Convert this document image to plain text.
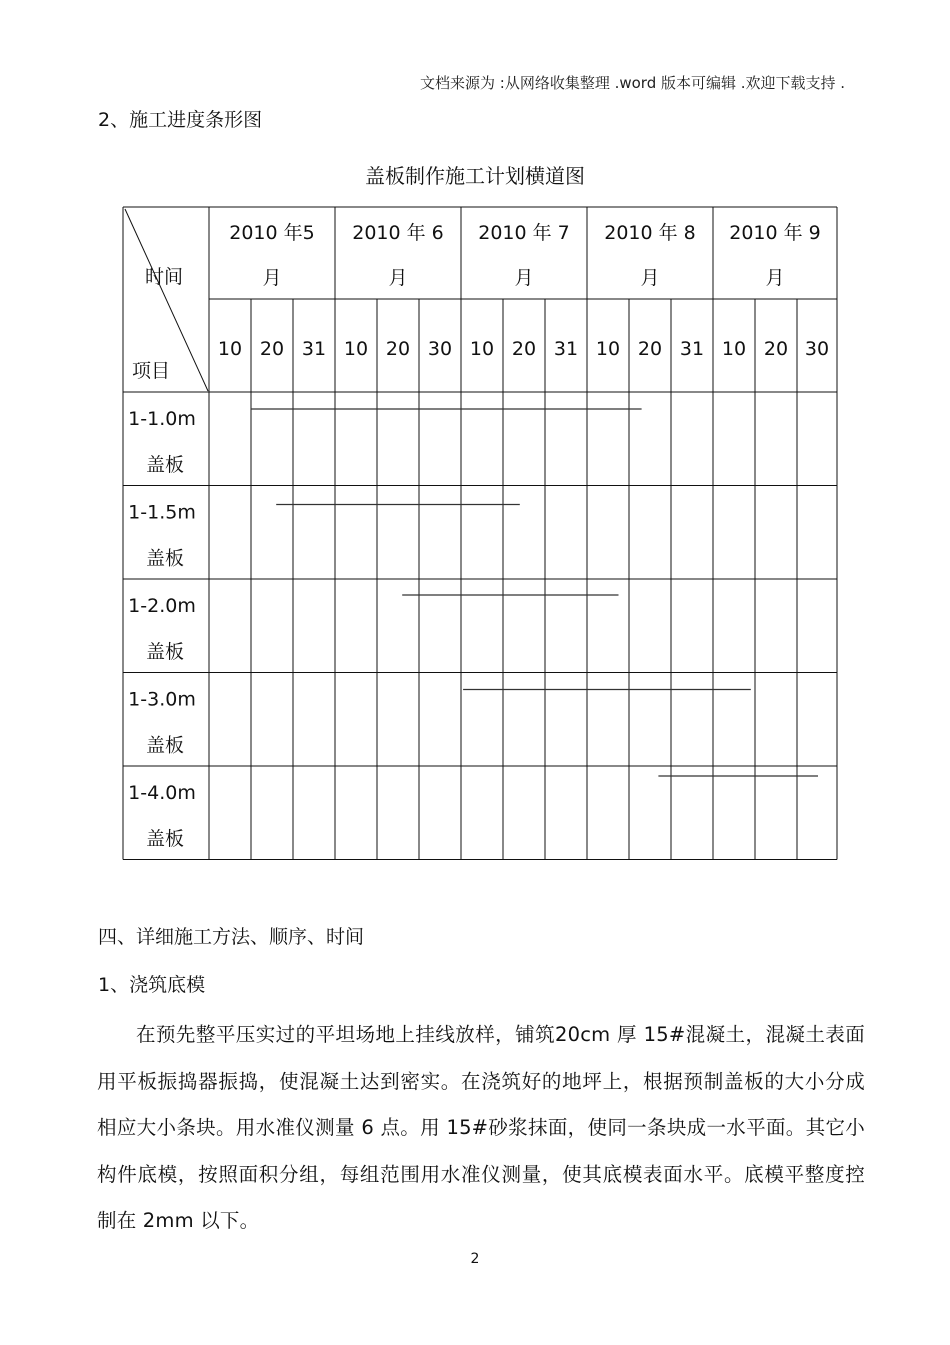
文档来源为 :从网络收集整理 .word 版本可编辑 .欢迎下载支持 .
2、施工进度条形图
盖板制作施工计划横道图
时间
项目
2010 年5
月
10 20 31
2010 年 6
月
10 20 30
2010 年 7
月
10 20 31
2010 年 8
月
10 20 31
2010 年 9
月
10 20 30
1-1.0m
盖板
1-1.5m
盖板
1-2.0m
盖板
1-3.0m
盖板
1-4.0m
盖板
四、详细施工方法、顺序、时间
1、浇筑底模
在预先整平压实过的平坦场地上挂线放样，铺筑20cm 厚 15#混凝土，混凝土表面用平板振捣器振捣，使混凝土达到密实。在浇筑好的地坪上，根据预制盖板的大小分成相应大小条块。用水准仪测量 6 点。用 15#砂浆抹面，使同一条块成一水平面。其它小构件底模，按照面积分组，每组范围用水准仪测量，使其底模表面水平。底模平整度控制在 2mm 以下。
2
